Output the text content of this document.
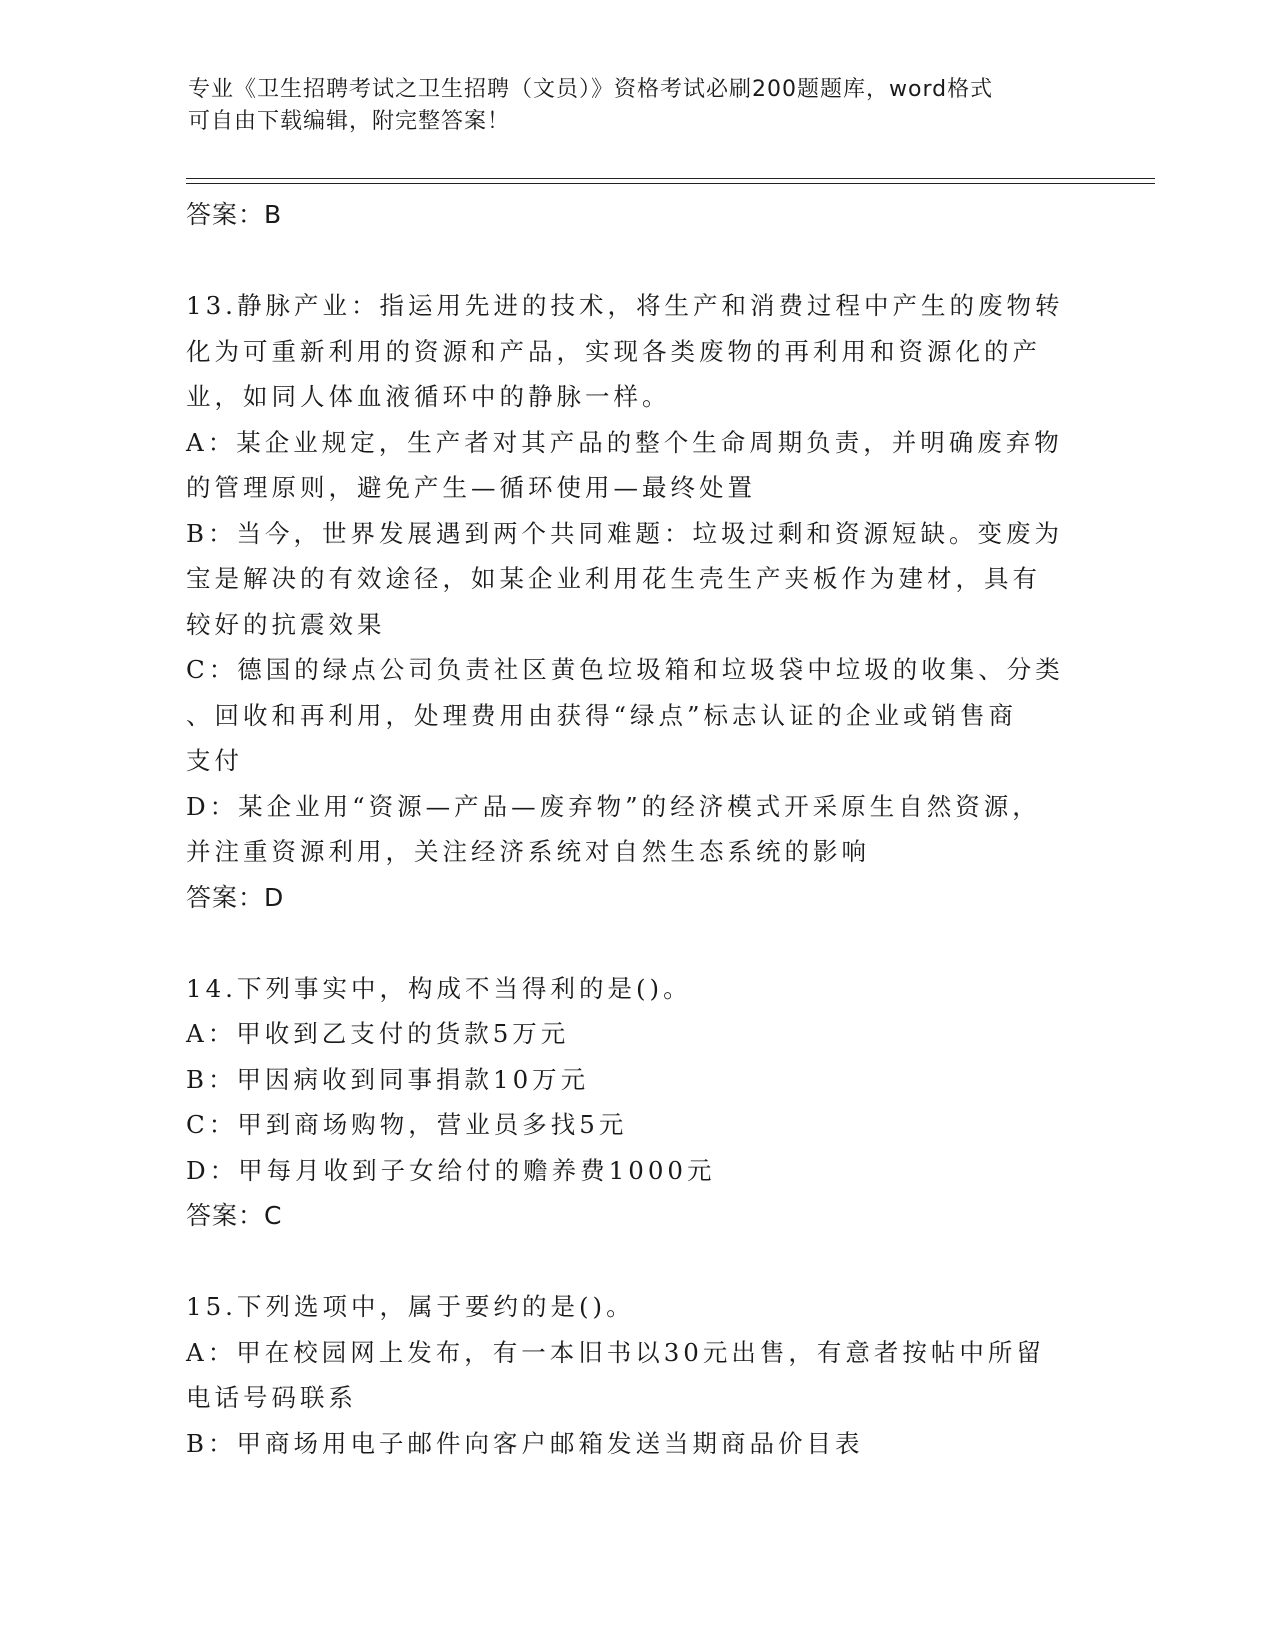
专业《卫生招聘考试之卫生招聘（文员）》资格考试必刷200题题库，word格式
可自由下载编辑，附完整答案！
答案：B
13.静脉产业：指运用先进的技术，将生产和消费过程中产生的废物转
化为可重新利用的资源和产品，实现各类废物的再利用和资源化的产
业，如同人体血液循环中的静脉一样。
A：某企业规定，生产者对其产品的整个生命周期负责，并明确废弃物
的管理原则，避免产生—循环使用—最终处置
B：当今，世界发展遇到两个共同难题：垃圾过剩和资源短缺。变废为
宝是解决的有效途径，如某企业利用花生壳生产夹板作为建材，具有
较好的抗震效果
C：德国的绿点公司负责社区黄色垃圾箱和垃圾袋中垃圾的收集、分类
、回收和再利用，处理费用由获得“绿点”标志认证的企业或销售商
支付
D：某企业用“资源—产品—废弃物”的经济模式开采原生自然资源，
并注重资源利用，关注经济系统对自然生态系统的影响
答案：D
14.下列事实中，构成不当得利的是()。
A：甲收到乙支付的货款5万元
B：甲因病收到同事捐款10万元
C：甲到商场购物，营业员多找5元
D：甲每月收到子女给付的赡养费1000元
答案：C
15.下列选项中，属于要约的是()。
A：甲在校园网上发布，有一本旧书以30元出售，有意者按帖中所留
电话号码联系
B：甲商场用电子邮件向客户邮箱发送当期商品价目表
